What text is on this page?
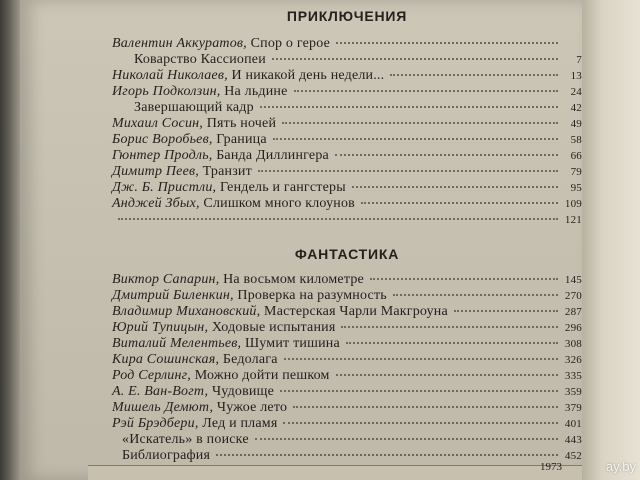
ПРИКЛЮЧЕНИЯ
Валентин Аккуратов, Спор о герое
Коварство Кассиопеи	7
Николай Николаев, И никакой день недели...	13
Игорь Подколзин, На льдине	24
Завершающий кадр	42
Михаил Сосин, Пять ночей	49
Борис Воробьев, Граница	58
Гюнтер Продль, Банда Диллингера	66
Димитр Пеев, Транзит	79
Дж. Б. Пристли, Гендель и гангстеры	95
Анджей Збых, Слишком много клоунов	109
121
ФАНТАСТИКА
Виктор Сапарин, На восьмом километре	145
Дмитрий Биленкин, Проверка на разумность	270
Владимир Михановский, Мастерская Чарли Макгроуна	287
Юрий Тупицын, Ходовые испытания	296
Виталий Мелентьев, Шумит тишина	308
Кира Сошинская, Бедолага	326
Род Серлинг, Можно дойти пешком	335
А. Е. Ван-Вогт, Чудовище	359
Мишель Демют, Чужое лето	379
Рэй Брэдбери, Лед и пламя	401
«Искатель» в поиске	443
Библиография	452
1973	ay.by
